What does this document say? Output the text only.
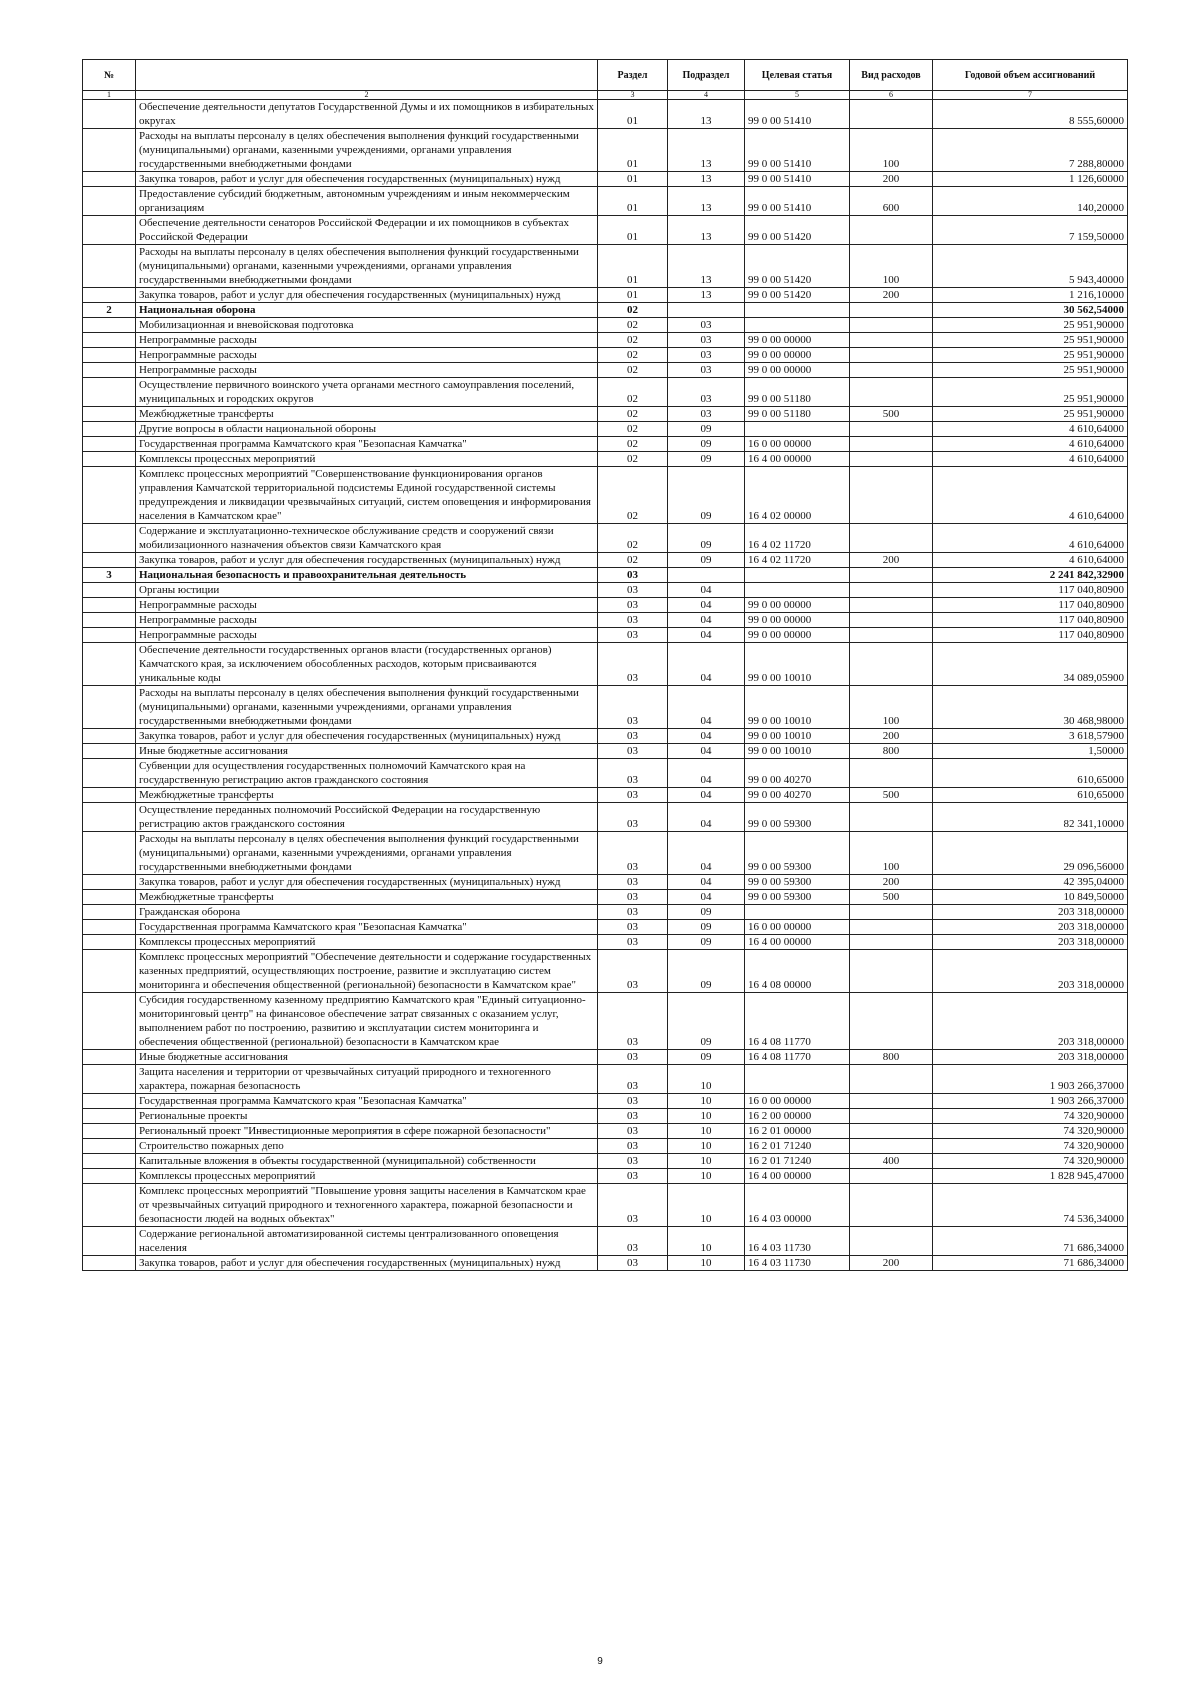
№		Раздел	Подраздел	Целевая статья	Вид расходов	Годовой объем ассигнований
1	2	3	4	5	6	7
	Обеспечение деятельности депутатов Государственной Думы и их помощников в избирательных округах	01	13	99 0 00 51410		8 555,60000
	Расходы на выплаты персоналу в целях обеспечения выполнения функций государственными (муниципальными) органами, казенными учреждениями, органами управления государственными внебюджетными фондами	01	13	99 0 00 51410	100	7 288,80000
	Закупка товаров, работ и услуг для обеспечения государственных (муниципальных) нужд	01	13	99 0 00 51410	200	1 126,60000
	Предоставление субсидий бюджетным, автономным учреждениям и иным некоммерческим организациям	01	13	99 0 00 51410	600	140,20000
	Обеспечение деятельности сенаторов Российской Федерации и их помощников в субъектах Российской Федерации	01	13	99 0 00 51420		7 159,50000
	Расходы на выплаты персоналу в целях обеспечения выполнения функций государственными (муниципальными) органами, казенными учреждениями, органами управления государственными внебюджетными фондами	01	13	99 0 00 51420	100	5 943,40000
	Закупка товаров, работ и услуг для обеспечения государственных (муниципальных) нужд	01	13	99 0 00 51420	200	1 216,10000
2	Национальная оборона	02				30 562,54000
	Мобилизационная и вневойсковая подготовка	02	03			25 951,90000
	Непрограммные расходы	02	03	99 0 00 00000		25 951,90000
	Непрограммные расходы	02	03	99 0 00 00000		25 951,90000
	Непрограммные расходы	02	03	99 0 00 00000		25 951,90000
	Осуществление первичного воинского учета органами местного самоуправления поселений, муниципальных и городских округов	02	03	99 0 00 51180		25 951,90000
	Межбюджетные трансферты	02	03	99 0 00 51180	500	25 951,90000
	Другие вопросы в области национальной обороны	02	09			4 610,64000
	Государственная программа Камчатского края "Безопасная Камчатка"	02	09	16 0 00 00000		4 610,64000
	Комплексы процессных мероприятий	02	09	16 4 00 00000		4 610,64000
	Комплекс процессных мероприятий "Совершенствование функционирования органов управления Камчатской территориальной подсистемы Единой государственной системы предупреждения и ликвидации чрезвычайных ситуаций, систем оповещения и информирования населения в Камчатском крае"	02	09	16 4 02 00000		4 610,64000
	Содержание и эксплуатационно-техническое обслуживание средств и сооружений связи мобилизационного назначения объектов связи Камчатского края	02	09	16 4 02 11720		4 610,64000
	Закупка товаров, работ и услуг для обеспечения государственных (муниципальных) нужд	02	09	16 4 02 11720	200	4 610,64000
3	Национальная безопасность и правоохранительная деятельность	03				2 241 842,32900
	Органы юстиции	03	04			117 040,80900
	Непрограммные расходы	03	04	99 0 00 00000		117 040,80900
	Непрограммные расходы	03	04	99 0 00 00000		117 040,80900
	Непрограммные расходы	03	04	99 0 00 00000		117 040,80900
	Обеспечение деятельности государственных органов власти (государственных органов) Камчатского края, за исключением обособленных расходов, которым присваиваются уникальные коды	03	04	99 0 00 10010		34 089,05900
	Расходы на выплаты персоналу в целях обеспечения выполнения функций государственными (муниципальными) органами, казенными учреждениями, органами управления государственными внебюджетными фондами	03	04	99 0 00 10010	100	30 468,98000
	Закупка товаров, работ и услуг для обеспечения государственных (муниципальных) нужд	03	04	99 0 00 10010	200	3 618,57900
	Иные бюджетные ассигнования	03	04	99 0 00 10010	800	1,50000
	Субвенции для осуществления государственных полномочий Камчатского края на государственную регистрацию актов гражданского состояния	03	04	99 0 00 40270		610,65000
	Межбюджетные трансферты	03	04	99 0 00 40270	500	610,65000
	Осуществление переданных полномочий Российской Федерации на государственную регистрацию актов гражданского состояния	03	04	99 0 00 59300		82 341,10000
	Расходы на выплаты персоналу в целях обеспечения выполнения функций государственными (муниципальными) органами, казенными учреждениями, органами управления государственными внебюджетными фондами	03	04	99 0 00 59300	100	29 096,56000
	Закупка товаров, работ и услуг для обеспечения государственных (муниципальных) нужд	03	04	99 0 00 59300	200	42 395,04000
	Межбюджетные трансферты	03	04	99 0 00 59300	500	10 849,50000
	Гражданская оборона	03	09			203 318,00000
	Государственная программа Камчатского края "Безопасная Камчатка"	03	09	16 0 00 00000		203 318,00000
	Комплексы процессных мероприятий	03	09	16 4 00 00000		203 318,00000
	Комплекс процессных мероприятий "Обеспечение деятельности и содержание государственных казенных предприятий, осуществляющих построение, развитие и эксплуатацию систем мониторинга и обеспечения общественной (региональной) безопасности в Камчатском крае"	03	09	16 4 08 00000		203 318,00000
	Субсидия государственному казенному предприятию Камчатского края "Единый ситуационно-мониторинговый центр" на финансовое обеспечение затрат связанных с оказанием услуг, выполнением работ по построению, развитию и эксплуатации систем мониторинга и обеспечения общественной (региональной) безопасности в Камчатском крае	03	09	16 4 08 11770		203 318,00000
	Иные бюджетные ассигнования	03	09	16 4 08 11770	800	203 318,00000
	Защита населения и территории от чрезвычайных ситуаций природного и техногенного характера, пожарная безопасность	03	10			1 903 266,37000
	Государственная программа Камчатского края "Безопасная Камчатка"	03	10	16 0 00 00000		1 903 266,37000
	Региональные проекты	03	10	16 2 00 00000		74 320,90000
	Региональный проект "Инвестиционные мероприятия в сфере пожарной безопасности"	03	10	16 2 01 00000		74 320,90000
	Строительство пожарных депо	03	10	16 2 01 71240		74 320,90000
	Капитальные вложения в объекты государственной (муниципальной) собственности	03	10	16 2 01 71240	400	74 320,90000
	Комплексы процессных мероприятий	03	10	16 4 00 00000		1 828 945,47000
	Комплекс процессных мероприятий "Повышение уровня защиты населения в Камчатском крае от чрезвычайных ситуаций природного и техногенного характера, пожарной безопасности и безопасности людей на водных объектах"	03	10	16 4 03 00000		74 536,34000
	Содержание региональной автоматизированной системы централизованного оповещения населения	03	10	16 4 03 11730		71 686,34000
	Закупка товаров, работ и услуг для обеспечения государственных (муниципальных) нужд	03	10	16 4 03 11730	200	71 686,34000
9
